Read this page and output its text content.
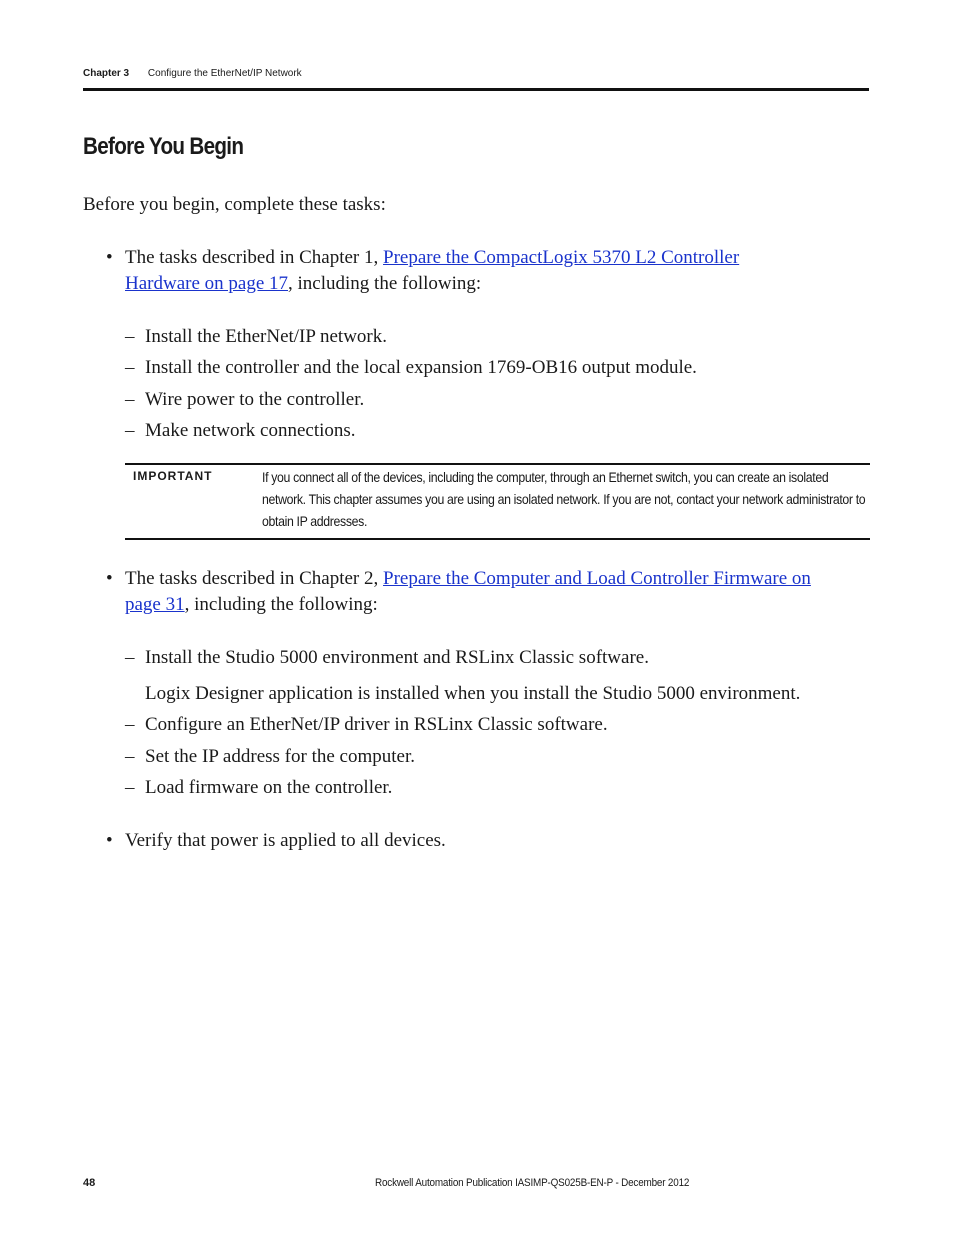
Chapter 3 Configure the EtherNet/IP Network
Before You Begin
Before you begin, complete these tasks:
• The tasks described in Chapter 1, Prepare the CompactLogix 5370 L2 Controller
Hardware on page 17, including the following:
– Install the EtherNet/IP network.
– Install the controller and the local expansion 1769-OB16 output module.
– Wire power to the controller.
– Make network connections.
IMPORTANT	If you connect all of the devices, including the computer, through an Ethernet switch, you can create an isolated network. This chapter assumes you are using an isolated network. If you are not, contact your network administrator to obtain IP addresses.
• The tasks described in Chapter 2, Prepare the Computer and Load Controller Firmware on
page 31, including the following:
– Install the Studio 5000 environment and RSLinx Classic software.
Logix Designer application is installed when you install the Studio 5000 environment.
– Configure an EtherNet/IP driver in RSLinx Classic software.
– Set the IP address for the computer.
– Load firmware on the controller.
• Verify that power is applied to all devices.
48	Rockwell Automation Publication IASIMP-QS025B-EN-P - December 2012
